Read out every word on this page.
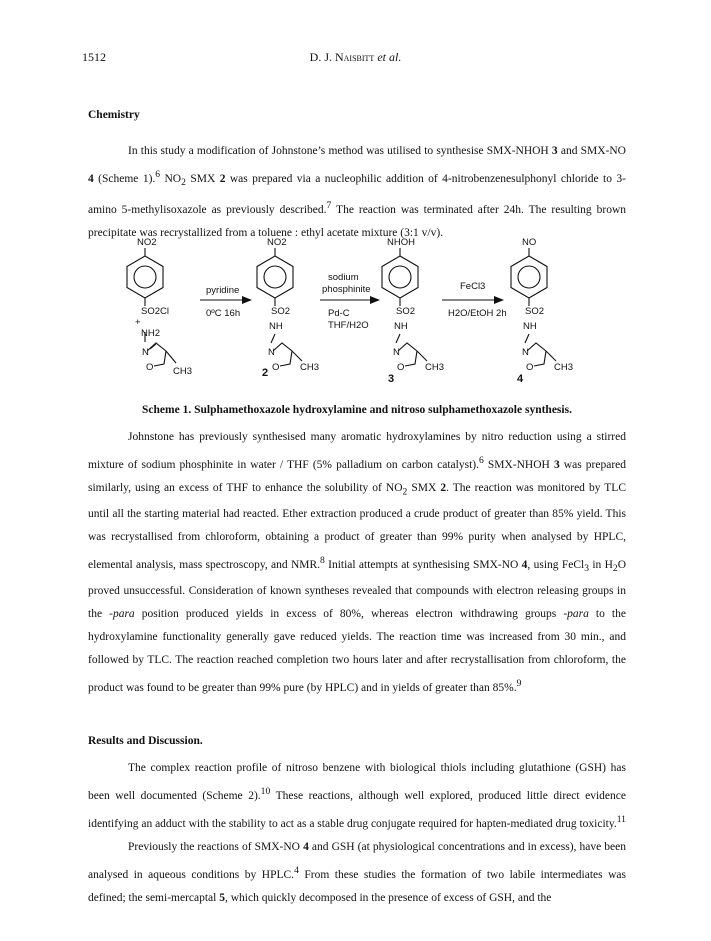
1512	D. J. Naisbitt et al.
Chemistry

In this study a modification of Johnstone’s method was utilised to synthesise SMX-NHOH 3 and SMX-NO 4 (Scheme 1).$^6$ $NO_2$ SMX 2 was prepared via a nucleophilic addition of 4-nitrobenzenesulphonyl chloride to 3-amino 5-methylisoxazole as previously described.$^7$ The reaction was terminated after 24h. The resulting brown precipitate was recrystallized from a toluene : ethyl acetate mixture (3:1 v/v).

NO2	NO2	NHOH	NO
SO2Cl
+
NH2
SO2
NH
SO2
NH
SO2
NH
N
O CH3
N
O CH3
N
O CH3
N
O CH3
pyridine
0ºC 16h
sodium
phosphinite
Pd-C
THF/H2O
FeCl3
H2O/EtOH 2h
2	3	4
Scheme 1. Sulphamethoxazole hydroxylamine and nitroso sulphamethoxazole synthesis.

Johnstone has previously synthesised many aromatic hydroxylamines by nitro reduction using a stirred mixture of sodium phosphinite in water / THF (5% palladium on carbon catalyst).$^6$ SMX-NHOH 3 was prepared similarly, using an excess of THF to enhance the solubility of $NO_2$ SMX 2. The reaction was monitored by TLC until all the starting material had reacted. Ether extraction produced a crude product of greater than 85% yield. This was recrystallised from chloroform, obtaining a product of greater than 99% purity when analysed by HPLC, elemental analysis, mass spectroscopy, and NMR.$^8$ Initial attempts at synthesising SMX-NO 4, using FeCl$_3$ in $H_2O$ proved unsuccessful. Consideration of known syntheses revealed that compounds with electron releasing groups in the -para position produced yields in excess of 80%, whereas electron withdrawing groups -para to the hydroxylamine functionality generally gave reduced yields. The reaction time was increased from 30 min., and followed by TLC. The reaction reached completion two hours later and after recrystallisation from chloroform, the product was found to be greater than 99% pure (by HPLC) and in yields of greater than 85%.$^9$

Results and Discussion.

The complex reaction profile of nitroso benzene with biological thiols including glutathione (GSH) has been well documented (Scheme 2).$^{10}$ These reactions, although well explored, produced little direct evidence identifying an adduct with the stability to act as a stable drug conjugate required for hapten-mediated drug toxicity.$^{11}$

Previously the reactions of SMX-NO 4 and GSH (at physiological concentrations and in excess), have been analysed in aqueous conditions by HPLC.$^4$ From these studies the formation of two labile intermediates was defined; the semi-mercaptal 5, which quickly decomposed in the presence of excess of GSH, and the
